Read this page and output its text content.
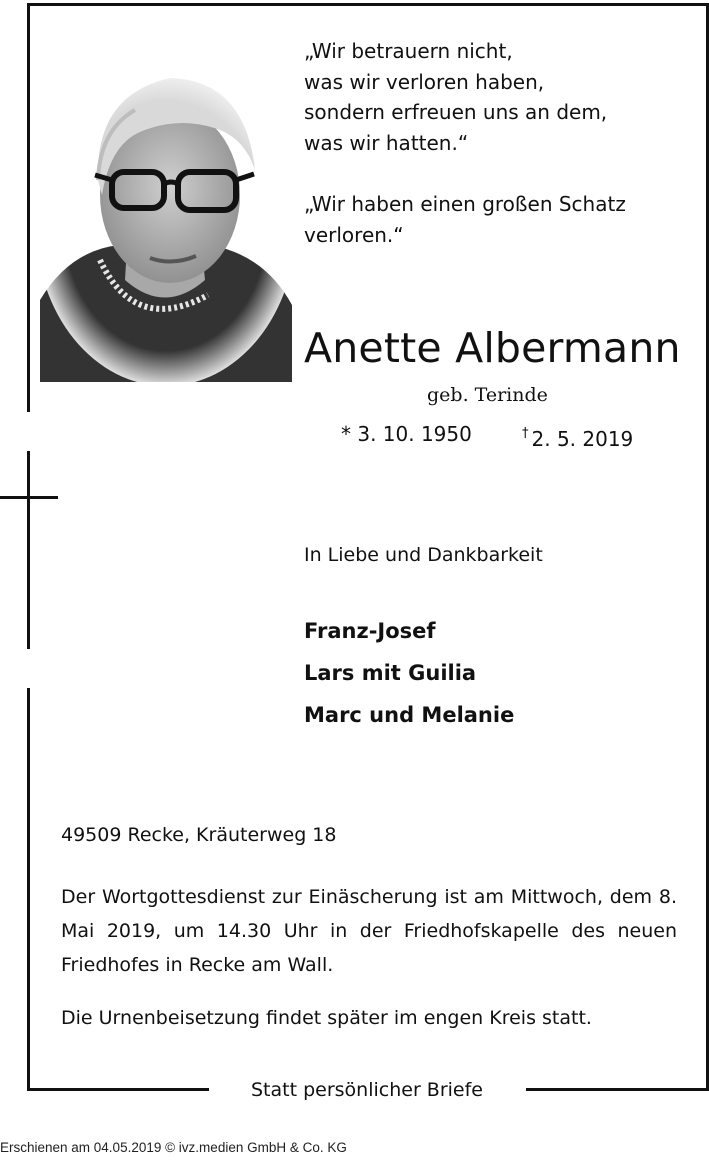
„Wir betrauern nicht,
was wir verloren haben,
sondern erfreuen uns an dem,
was wir hatten.“

„Wir haben einen großen Schatz
verloren.“

Anette Albermann
geb. Terinde
* 3. 10. 1950	† 2. 5. 2019
In Liebe und Dankbarkeit
Franz-Josef
Lars mit Guilia
Marc und Melanie
49509 Recke, Kräuterweg 18
Der Wortgottesdienst zur Einäscherung ist am Mittwoch, dem 8. Mai 2019, um 14.30 Uhr in der Friedhofskapelle des neuen Friedhofes in Recke am Wall.
Die Urnenbeisetzung findet später im engen Kreis statt.
Statt persönlicher Briefe
Erschienen am 04.05.2019 © ivz.medien GmbH & Co. KG
